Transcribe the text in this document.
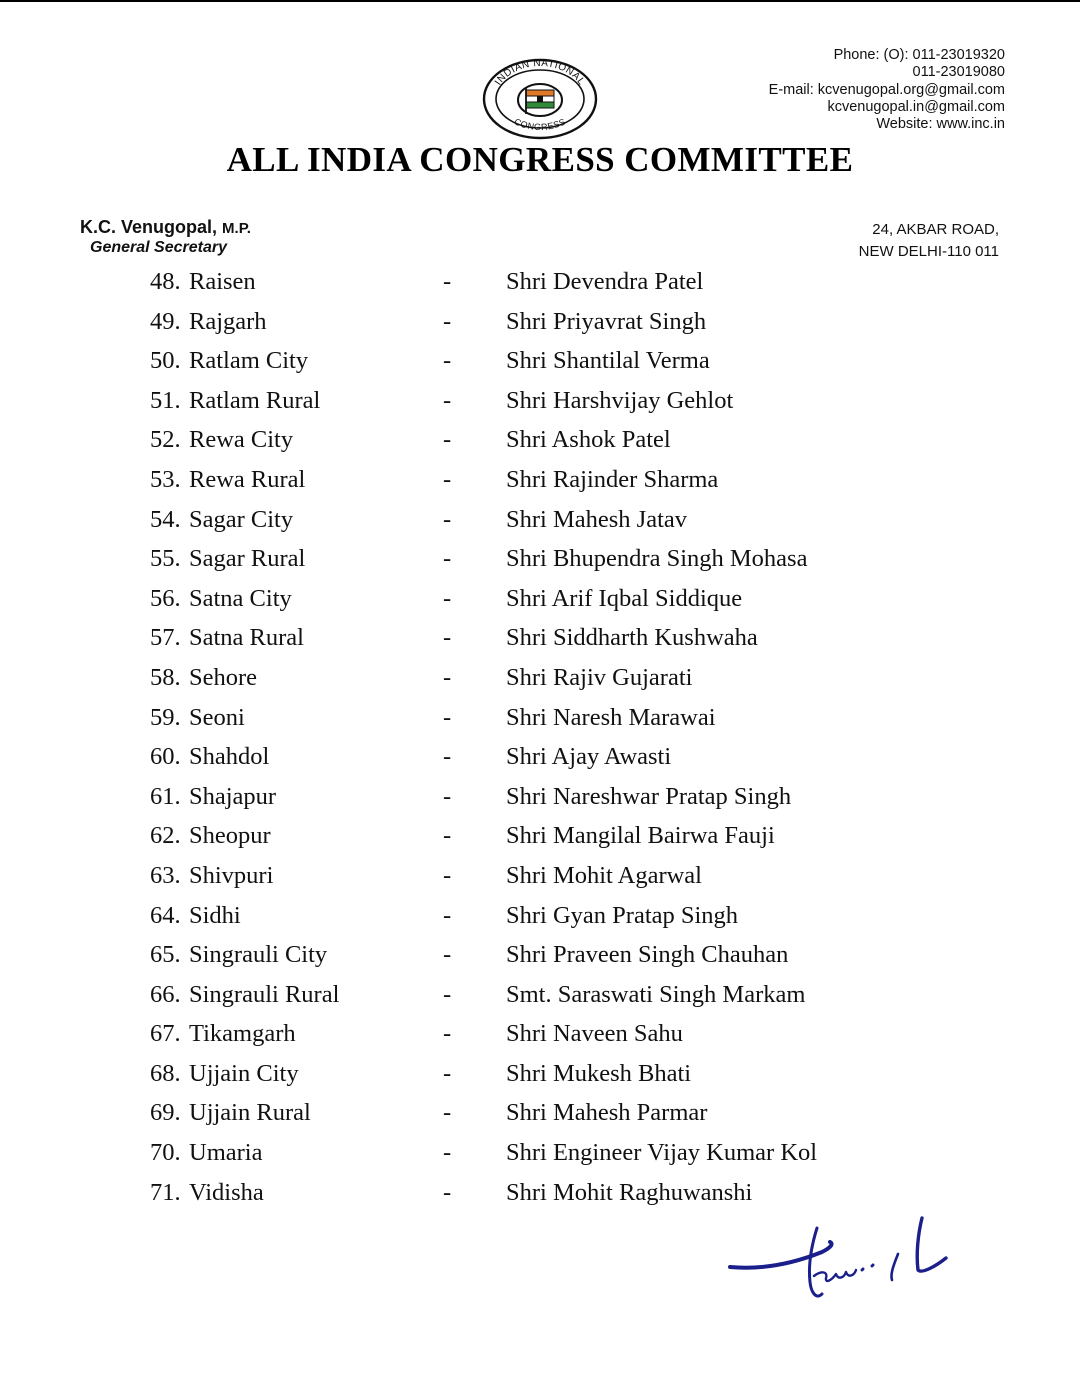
INDIAN NATIONAL
CONGRESS
Phone: (O): 011-23019320
011-23019080
E-mail: kcvenugopal.org@gmail.com
kcvenugopal.in@gmail.com
Website: www.inc.in
ALL INDIA CONGRESS COMMITTEE
K.C. Venugopal, M.P.
General Secretary
24, AKBAR ROAD,
NEW DELHI-110 011
48. Raisen	- Shri Devendra Patel
49. Rajgarh	- Shri Priyavrat Singh
50. Ratlam City	- Shri Shantilal Verma
51. Ratlam Rural	- Shri Harshvijay Gehlot
52. Rewa City	- Shri Ashok Patel
53. Rewa Rural	- Shri Rajinder Sharma
54. Sagar City	- Shri Mahesh Jatav
55. Sagar Rural	- Shri Bhupendra Singh Mohasa
56. Satna City	- Shri Arif Iqbal Siddique
57. Satna Rural	- Shri Siddharth Kushwaha
58. Sehore	- Shri Rajiv Gujarati
59. Seoni	- Shri Naresh Marawai
60. Shahdol	- Shri Ajay Awasti
61. Shajapur	- Shri Nareshwar Pratap Singh
62. Sheopur	- Shri Mangilal Bairwa Fauji
63. Shivpuri	- Shri Mohit Agarwal
64. Sidhi	- Shri Gyan Pratap Singh
65. Singrauli City	- Shri Praveen Singh Chauhan
66. Singrauli Rural	- Smt. Saraswati Singh Markam
67. Tikamgarh	- Shri Naveen Sahu
68. Ujjain City	- Shri Mukesh Bhati
69. Ujjain Rural	- Shri Mahesh Parmar
70. Umaria	- Shri Engineer Vijay Kumar Kol
71. Vidisha	- Shri Mohit Raghuwanshi
